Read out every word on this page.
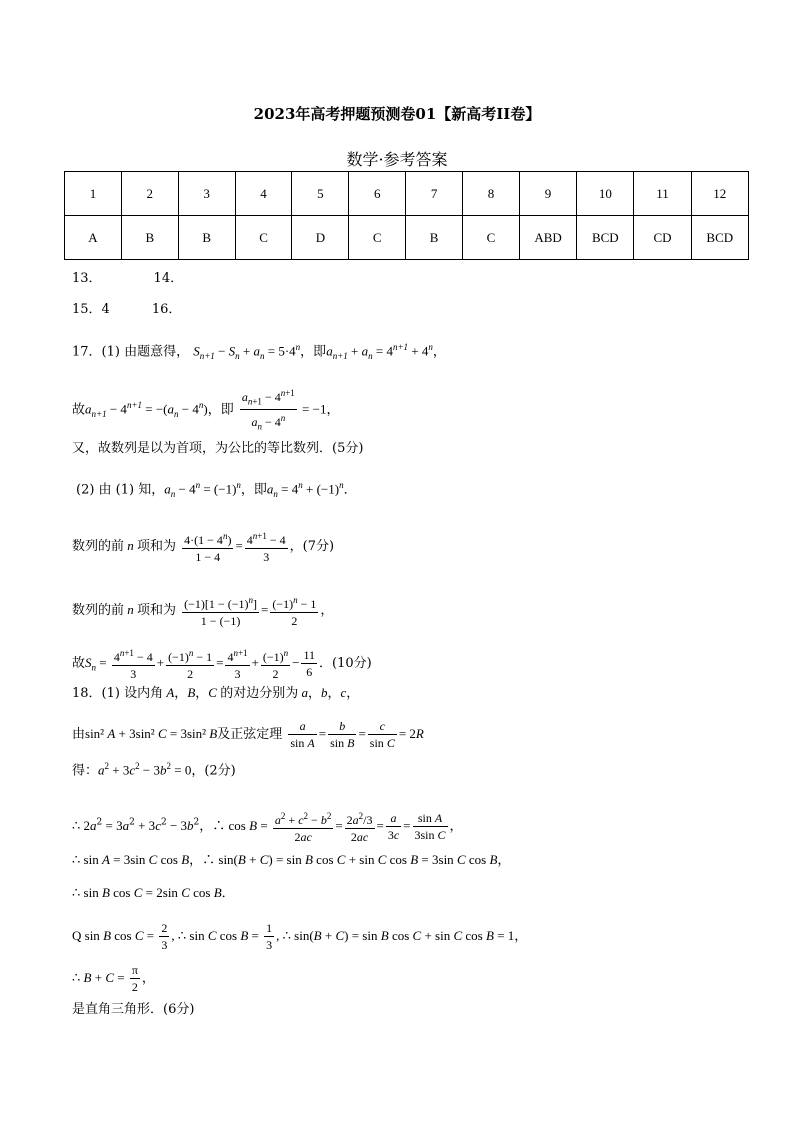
2023年高考押题预测卷01【新高考II卷】
数学·参考答案
1	2	3	4	5	6	7	8	9	10	11	12
A	B	B	C	D	C	B	C	ABD	BCD	CD	BCD
13．	14．
15．4	16．
17．(1) 由题意得， $S_{n+1} - S_n + a_n = 5\cdot 4^n$，即$a_{n+1} + a_n = 4^{n+1} + 4^n$，
故$a_{n+1} - 4^{n+1} = -(a_n - 4^n)$，即 $\frac{a_{n+1} - 4^{n+1}}{a_n - 4^n} = -1$，
又，故数列是以为首项，为公比的等比数列．(5分)
(2) 由 (1) 知，$a_n - 4^n = (-1)^n$，即$a_n = 4^n + (-1)^n$．
数列的前 n 项和为 $\frac{4\cdot(1 - 4^n)}{1 - 4} = \frac{4^{n+1} - 4}{3}$ ，(7分)
数列的前 n 项和为 $\frac{(-1)[1 - (-1)^n]}{1 - (-1)} = \frac{(-1)^n - 1}{2}$ ，
故$S_n = \frac{4^{n+1} - 4}{3} + \frac{(-1)^n - 1}{2} = \frac{4^{n+1}}{3} + \frac{(-1)^n}{2} - \frac{11}{6}$ ．(10分)
18．(1) 设内角 A，B，C 的对边分别为 a，b，c，
由sin² A + 3sin² C = 3sin² B及正弦定理 $\frac{a}{\text{sin A}} = \frac{b}{\text{sin B}} = \frac{c}{\text{sin C}} = 2R$
得：$a^2 + 3c^2 - 3b^2 = 0$，(2分)
∴ $2a^2 = 3a^2 + 3c^2 - 3b^2$，∴ $\cos B = \frac{a^2 + c^2 - b^2}{2ac} = \frac{2a^2/3}{2ac} = \frac{a}{3c} = \frac{\text{sin A}}{\text{3sin C}}$ ，
∴ sin A = 3sin C cos B，∴ sin(B + C) = sin B cos C + sin C cos B = 3sin C cos B，
∴ sin B cos C = 2sin C cos B．
Q sin B $\cos C = \frac{2}{3}$ , ∴ sin C $\cos B = \frac{1}{3}$ , ∴ sin(B + C) = sin B cos C + sin C cos B = 1，
∴ $B + C = \frac{\pi}{2}$ ，
是直角三角形．(6分)
